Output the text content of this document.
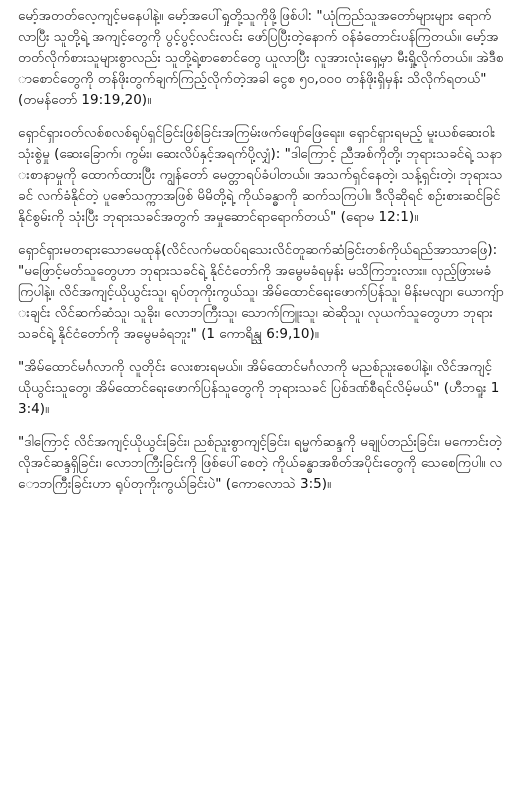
မော့်အတတ်လေ့ကျင့်မနေပါနဲ့။ မော့်အပေါ်ရှုတို့သူကိုဖို့ဖြစ်ပါ: "ယုံကြည်သူအတော်များများ ရောက်လာပြီး သူတို့ရဲ့ အကျင့်တွေကို ပွင့်ပွင့်လင်းလင်း ဖော်ပြပြီးတဲ့နောက် ဝန်ခံတောင်းပန်ကြတယ်။ မော့်အတတ်လိုက်စားသူများစွာလည်း သူတို့ရဲ့စာစောင်တွေ ယူလာပြီး လူအားလုံးရှေ့မှာ မီးရှို့လိုက်တယ်။ အဲဒီစာစောင်တွေကို တန်ဖိုးတွက်ချက်ကြည့်လိုက်တဲ့အခါ ငွေစ ၅၀,၀၀၀ တန်ဖိုးရှိမှန်း သိလိုက်ရတယ်" (တမန်တော် 19:19,20)။

ရှောင်ရှားဝတ်လစ်စလစ်ရုပ်ရှင်ခြင်းဖြစ်ခြင်းအကြမ်းဖက်ဖျော်ဖြေရေး။ ရှောင်ရှားရမည့် မူးယစ်ဆေးဝါးသုံးစွဲမှု (ဆေးခြောက်၊ ကွမ်း၊ ဆေးလိပ်နှင့်အရက်ပို့လျှံ): "ဒါကြောင့် ညီအစ်ကိုတို့၊ ဘုရားသခင်ရဲ့ သနားစာနာမှုကို ထောက်ထားပြီး ကျွန်တော် မေတ္တာရပ်ခံပါတယ်။ အသက်ရှင်နေတဲ့၊ သန့်ရှင်းတဲ့၊ ဘုရားသခင် လက်ခံနိုင်တဲ့ ပူဇော်သက္ကာအဖြစ် မိမိတို့ရဲ့ ကိုယ်ခန္ဓာကို ဆက်သကြပါ။ ဒီလိုဆိုရင် စဉ်းစားဆင်ခြင်နိုင်စွမ်းကို သုံးပြီး ဘုရားသခင်အတွက် အမှုဆောင်ရာရောက်တယ်" (ရောမ 12:1)။

ရှောင်ရှားမတရားသောမေထုန်(လိင်လက်မထပ်ရသေးလိင်တူဆက်ဆံခြင်းတစ်ကိုယ်ရည်အာသာဖြေ): "မဖြောင့်မတ်သူတွေဟာ ဘုရားသခင်ရဲ့ နိုင်ငံတော်ကို အမွေမခံရမှန်း မသိကြဘူးလား။ လှည့်ဖြားမခံကြပါနဲ့။ လိင်အကျင့်ယိုယွင်းသူ၊ ရုပ်တုကိုးကွယ်သူ၊ အိမ်ထောင်ရေးဖောက်ပြန်သူ၊ မိန်းမလျာ၊ ယောကျ်ားချင်း လိင်ဆက်ဆံသူ၊ သူခိုး၊ လောဘကြီးသူ၊ သောက်ကြူးသူ၊ ဆဲဆိုသူ၊ လုယက်သူတွေဟာ ဘုရားသခင်ရဲ့ နိုင်ငံတော်ကို အမွေမခံရဘူး" (1 ကောရိန္သု 6:9,10)။

"အိမ်ထောင်မင်္ဂလာကို လူတိုင်း လေးစားရမယ်။ အိမ်ထောင်မင်္ဂလာကို မညစ်ညူးစေပါနဲ့။ လိင်အကျင့်ယိုယွင်းသူတွေ၊ အိမ်ထောင်ရေးဖောက်ပြန်သူတွေကို ဘုရားသခင် ပြစ်ဒဏ်စီရင်လိမ့်မယ်" (ဟီဘရူး 13:4)။

"ဒါကြောင့် လိင်အကျင့်ယိုယွင်းခြင်း၊ ညစ်ညူးစွာကျင့်ခြင်း၊ ရမ္မက်ဆန္ဒကို မချုပ်တည်းခြင်း၊ မကောင်းတဲ့ လိုအင်ဆန္ဒရှိခြင်း၊ လောဘကြီးခြင်းကို ဖြစ်ပေါ်စေတဲ့ ကိုယ်ခန္ဓာအစိတ်အပိုင်းတွေကို သေစေကြပါ။ လောဘကြီးခြင်းဟာ ရုပ်တုကိုးကွယ်ခြင်းပဲ" (ကောလောသဲ 3:5)။
